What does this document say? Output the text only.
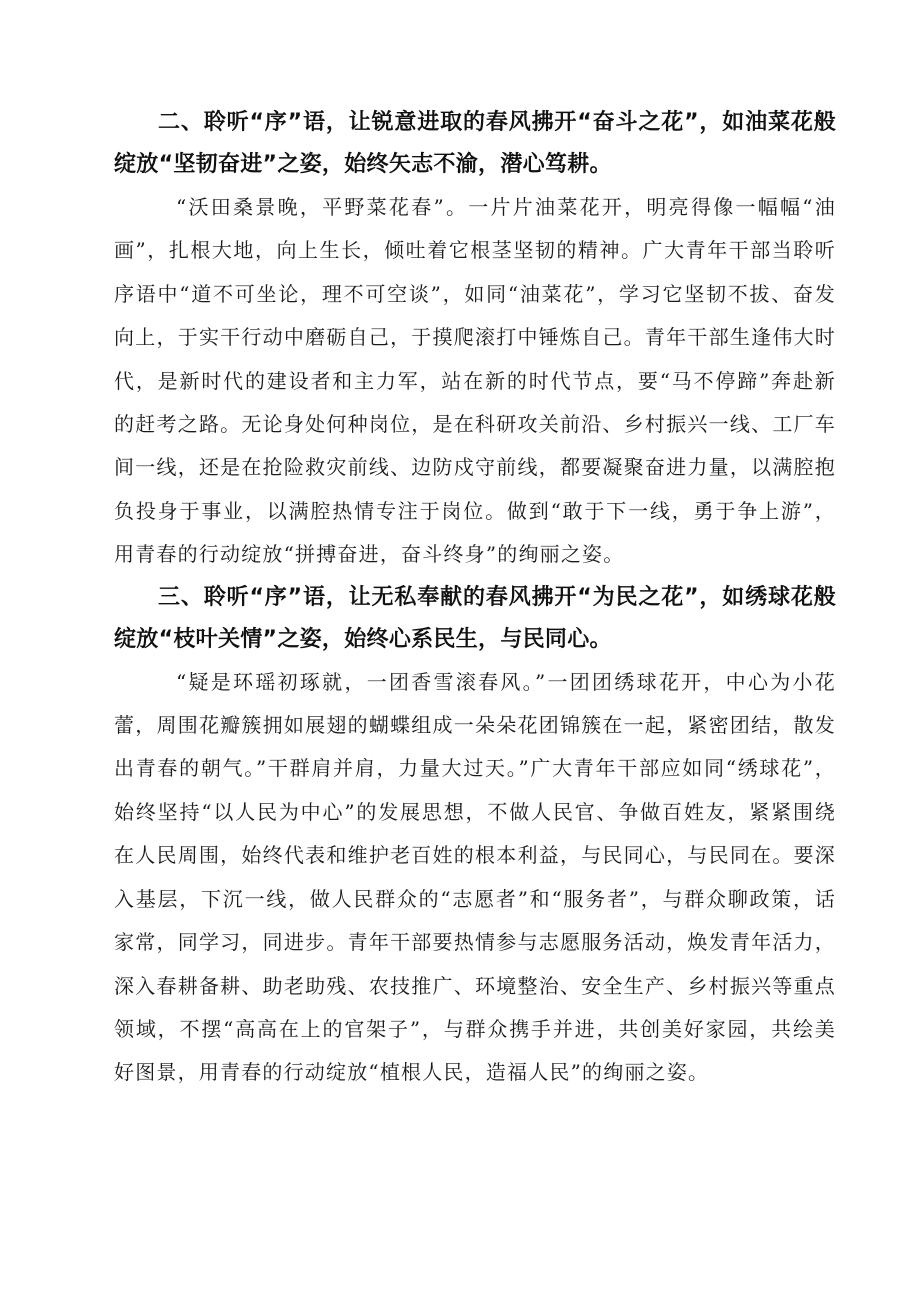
二、聆听“序”语，让锐意进取的春风拂开“奋斗之花”，如油菜花般绽放“坚韧奋进”之姿，始终矢志不渝，潜心笃耕。

“沃田桑景晚，平野菜花春”。一片片油菜花开，明亮得像一幅幅“油画”，扎根大地，向上生长，倾吐着它根茎坚韧的精神。广大青年干部当聆听序语中“道不可坐论，理不可空谈”，如同“油菜花”，学习它坚韧不拔、奋发向上，于实干行动中磨砺自己，于摸爬滚打中锤炼自己。青年干部生逢伟大时代，是新时代的建设者和主力军，站在新的时代节点，要“马不停蹄”奔赴新的赶考之路。无论身处何种岗位，是在科研攻关前沿、乡村振兴一线、工厂车间一线，还是在抢险救灾前线、边防戍守前线，都要凝聚奋进力量，以满腔抱负投身于事业，以满腔热情专注于岗位。做到“敢于下一线，勇于争上游”，用青春的行动绽放“拼搏奋进，奋斗终身”的绚丽之姿。

三、聆听“序”语，让无私奉献的春风拂开“为民之花”，如绣球花般绽放“枝叶关情”之姿，始终心系民生，与民同心。

“疑是环瑶初琢就，一团香雪滚春风。”一团团绣球花开，中心为小花蕾，周围花瓣簇拥如展翅的蝴蝶组成一朵朵花团锦簇在一起，紧密团结，散发出青春的朝气。”干群肩并肩，力量大过天。”广大青年干部应如同“绣球花”，始终坚持“以人民为中心”的发展思想，不做人民官、争做百姓友，紧紧围绕在人民周围，始终代表和维护老百姓的根本利益，与民同心，与民同在。要深入基层，下沉一线，做人民群众的“志愿者”和“服务者”，与群众聊政策，话家常，同学习，同进步。青年干部要热情参与志愿服务活动，焕发青年活力，深入春耕备耕、助老助残、农技推广、环境整治、安全生产、乡村振兴等重点领域，不摆“高高在上的官架子”，与群众携手并进，共创美好家园，共绘美好图景，用青春的行动绽放“植根人民，造福人民”的绚丽之姿。
